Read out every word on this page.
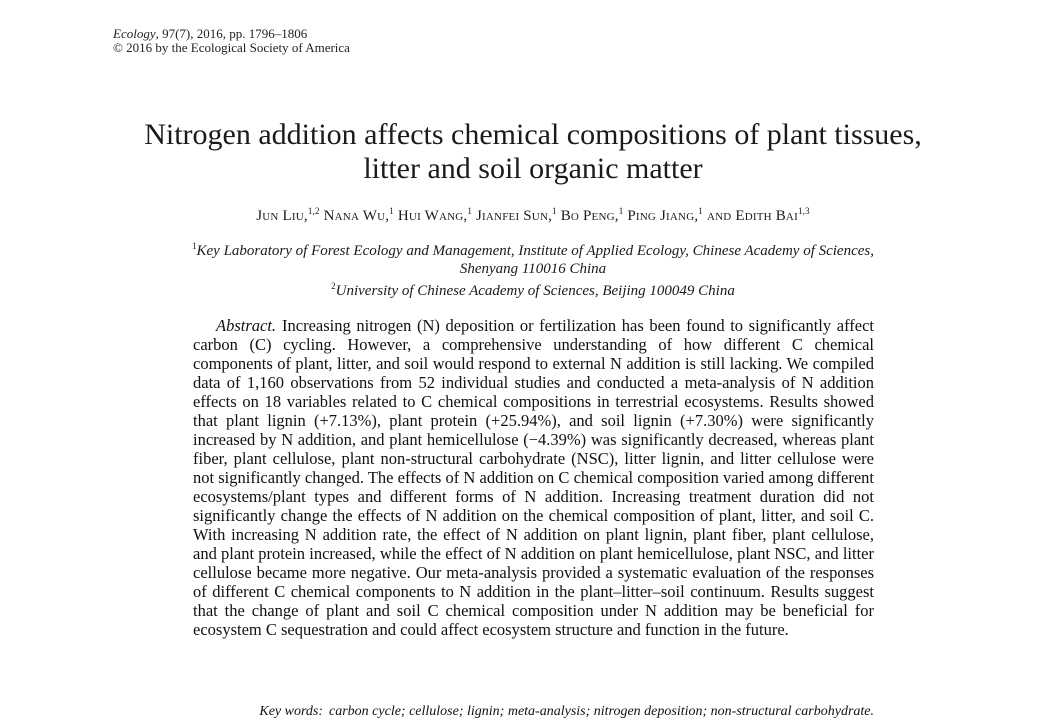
Ecology, 97(7), 2016, pp. 1796–1806
© 2016 by the Ecological Society of America
Nitrogen addition affects chemical compositions of plant tissues,
litter and soil organic matter
Jun Liu,$^{1,2}$ Nana Wu,$^1$ Hui Wang,$^1$ Jianfei Sun,$^1$ Bo Peng,$^1$ Ping Jiang,$^1$ and Edith Bai$^{1,3}$
$^1$Key Laboratory of Forest Ecology and Management, Institute of Applied Ecology, Chinese Academy of Sciences,
Shenyang 110016 China
$^2$University of Chinese Academy of Sciences, Beijing 100049 China

Abstract. Increasing nitrogen (N) deposition or fertilization has been found to significantly affect carbon (C) cycling. However, a comprehensive understanding of how different C chemical components of plant, litter, and soil would respond to external N addition is still lacking. We compiled data of 1,160 observations from 52 individual studies and conducted a meta-analysis of N addition effects on 18 variables related to C chemical compositions in terrestrial ecosystems. Results showed that plant lignin (+7.13%), plant protein (+25.94%), and soil lignin (+7.30%) were significantly increased by N addition, and plant hemicellulose (−4.39%) was significantly decreased, whereas plant fiber, plant cellulose, plant non-structural carbohydrate (NSC), litter lignin, and litter cellulose were not significantly changed. The effects of N addition on C chemical composition varied among different ecosystems/plant types and different forms of N addition. Increasing treatment duration did not significantly change the effects of N addition on the chemical composition of plant, litter, and soil C. With increasing N addition rate, the effect of N addition on plant lignin, plant fiber, plant cellulose, and plant protein increased, while the effect of N addition on plant hemicellulose, plant NSC, and litter cellulose became more negative. Our meta-analysis provided a systematic evaluation of the responses of different C chemical components to N addition in the plant–litter–soil continuum. Results suggest that the change of plant and soil C chemical composition under N addition may be beneficial for ecosystem C sequestration and could affect ecosystem structure and function in the future.

Key words: carbon cycle; cellulose; lignin; meta-analysis; nitrogen deposition; non-structural carbohydrate.
